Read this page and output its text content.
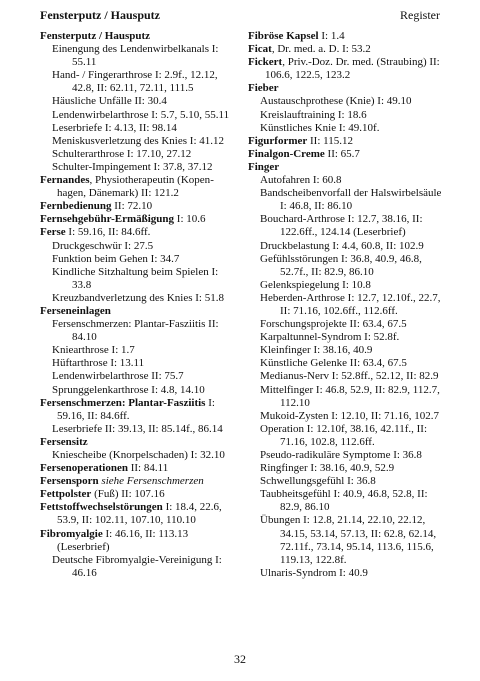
Fensterputz / Hausputz	Register
Fensterputz / Hausputz
Einengung des Lendenwirbelkanals I: 55.11
Hand- / Fingerarthrose I: 2.9f., 12.12, 42.8, II: 62.11, 72.11, 111.5
Häusliche Unfälle II: 30.4
Lendenwirbelarthrose I: 5.7, 5.10, 55.11
Leserbriefe I: 4.13, II: 98.14
Meniskusverletzung des Knies I: 41.12
Schulterarthrose I: 17.10, 27.12
Schulter-Impingement I: 37.8, 37.12
Fernandes, Physiotherapeutin (Kopenhagen, Dänemark) II: 121.2
Fernbedienung II: 72.10
Fernsehgebühr-Ermäßigung I: 10.6
Ferse I: 59.16, II: 84.6ff.
Druckgeschwür I: 27.5
Funktion beim Gehen I: 34.7
Kindliche Sitzhaltung beim Spielen I: 33.8
Kreuzbandverletzung des Knies I: 51.8
Ferseneinlagen
Fersenschmerzen: Plantar-Fasziitis II: 84.10
Kniearthrose I: 1.7
Hüftarthrose I: 13.11
Lendenwirbelarthrose II: 75.7
Sprunggelenkarthrose I: 4.8, 14.10
Fersenschmerzen: Plantar-Fasziitis I: 59.16, II: 84.6ff.
Leserbriefe II: 39.13, II: 85.14f., 86.14
Fersensitz
Kniescheibe (Knorpelschaden) I: 32.10
Fersenoperationen II: 84.11
Fersensporn siehe Fersenschmerzen
Fettpolster (Fuß) II: 107.16
Fettstoffwechselstörungen I: 18.4, 22.6, 53.9, II: 102.11, 107.10, 110.10
Fibromyalgie I: 46.16, II: 113.13 (Leserbrief)
Deutsche Fibromyalgie-Vereinigung I: 46.16
Fibröse Kapsel I: 1.4
Ficat, Dr. med. a. D. I: 53.2
Fickert, Priv.-Doz. Dr. med. (Straubing) II: 106.6, 122.5, 123.2
Fieber
Austauschprothese (Knie) I: 49.10
Kreislauftraining I: 18.6
Künstliches Knie I: 49.10f.
Figurformer II: 115.12
Finalgon-Creme II: 65.7
Finger
Autofahren I: 60.8
Bandscheibenvorfall der Halswirbelsäule I: 46.8, II: 86.10
Bouchard-Arthrose I: 12.7, 38.16, II: 122.6ff., 124.14 (Leserbrief)
Druckbelastung I: 4.4, 60.8, II: 102.9
Gefühlsstörungen I: 36.8, 40.9, 46.8, 52.7f., II: 82.9, 86.10
Gelenkspiegelung I: 10.8
Heberden-Arthrose I: 12.7, 12.10f., 22.7, II: 71.16, 102.6ff., 112.6ff.
Forschungsprojekte II: 63.4, 67.5
Karpaltunnel-Syndrom I: 52.8f.
Kleinfinger I: 38.16, 40.9
Künstliche Gelenke II: 63.4, 67.5
Medianus-Nerv I: 52.8ff., 52.12, II: 82.9
Mittelfinger I: 46.8, 52.9, II: 82.9, 112.7, 112.10
Mukoid-Zysten I: 12.10, II: 71.16, 102.7
Operation I: 12.10f, 38.16, 42.11f., II: 71.16, 102.8, 112.6ff.
Pseudo-radikuläre Symptome I: 36.8
Ringfinger I: 38.16, 40.9, 52.9
Schwellungsgefühl I: 36.8
Taubheitsgefühl I: 40.9, 46.8, 52.8, II: 82.9, 86.10
Übungen I: 12.8, 21.14, 22.10, 22.12, 34.15, 53.14, 57.13, II: 62.8, 62.14, 72.11f., 73.14, 95.14, 113.6, 115.6, 119.13, 122.8f.
Ulnaris-Syndrom I: 40.9
32
